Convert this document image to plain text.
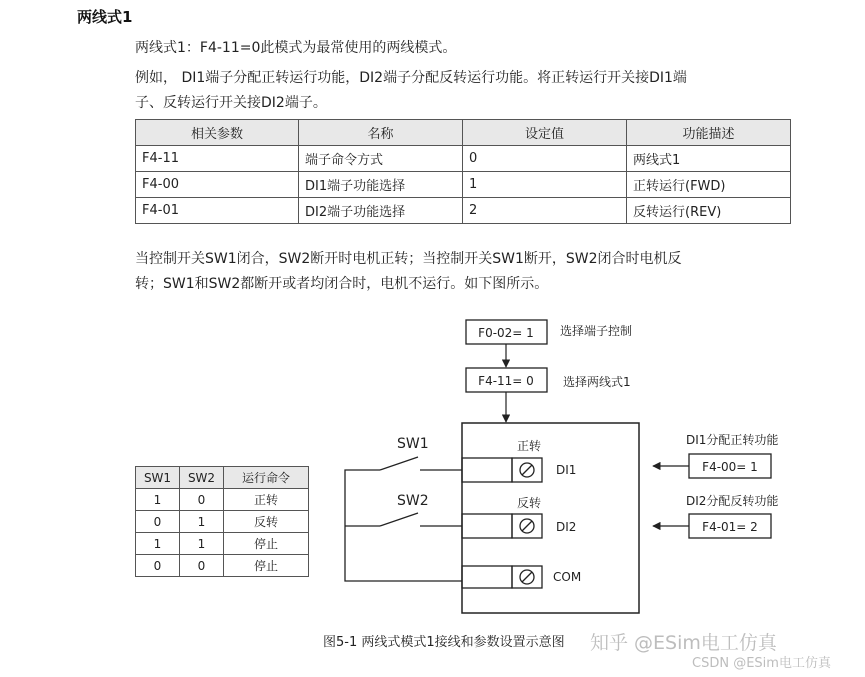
两线式1
两线式1：F4-11=0此模式为最常使用的两线模式。
例如， DI1端子分配正转运行功能，DI2端子分配反转运行功能。将正转运行开关接DI1端
子、反转运行开关接DI2端子。
相关参数	名称	设定值	功能描述
F4-11	端子命令方式	0	两线式1
F4-00	DI1端子功能选择	1	正转运行(FWD)
F4-01	DI2端子功能选择	2	反转运行(REV)
当控制开关SW1闭合，SW2断开时电机正转；当控制开关SW1断开，SW2闭合时电机反
转；SW1和SW2都断开或者均闭合时，电机不运行。如下图所示。
SW1	SW2	运行命令
1	0	正转
0	1	反转
1	1	停止
0	0	停止
F0-02= 1 选择端子控制
F4-11= 0 选择两线式1
正转
DI1
反转
DI2
COM
SW1
SW2
DI1分配正转功能
F4-00= 1
DI2分配反转功能
F4-01= 2
图5-1 两线式模式1接线和参数设置示意图 知乎 @ESim电工仿真
CSDN @ESim电工仿真
